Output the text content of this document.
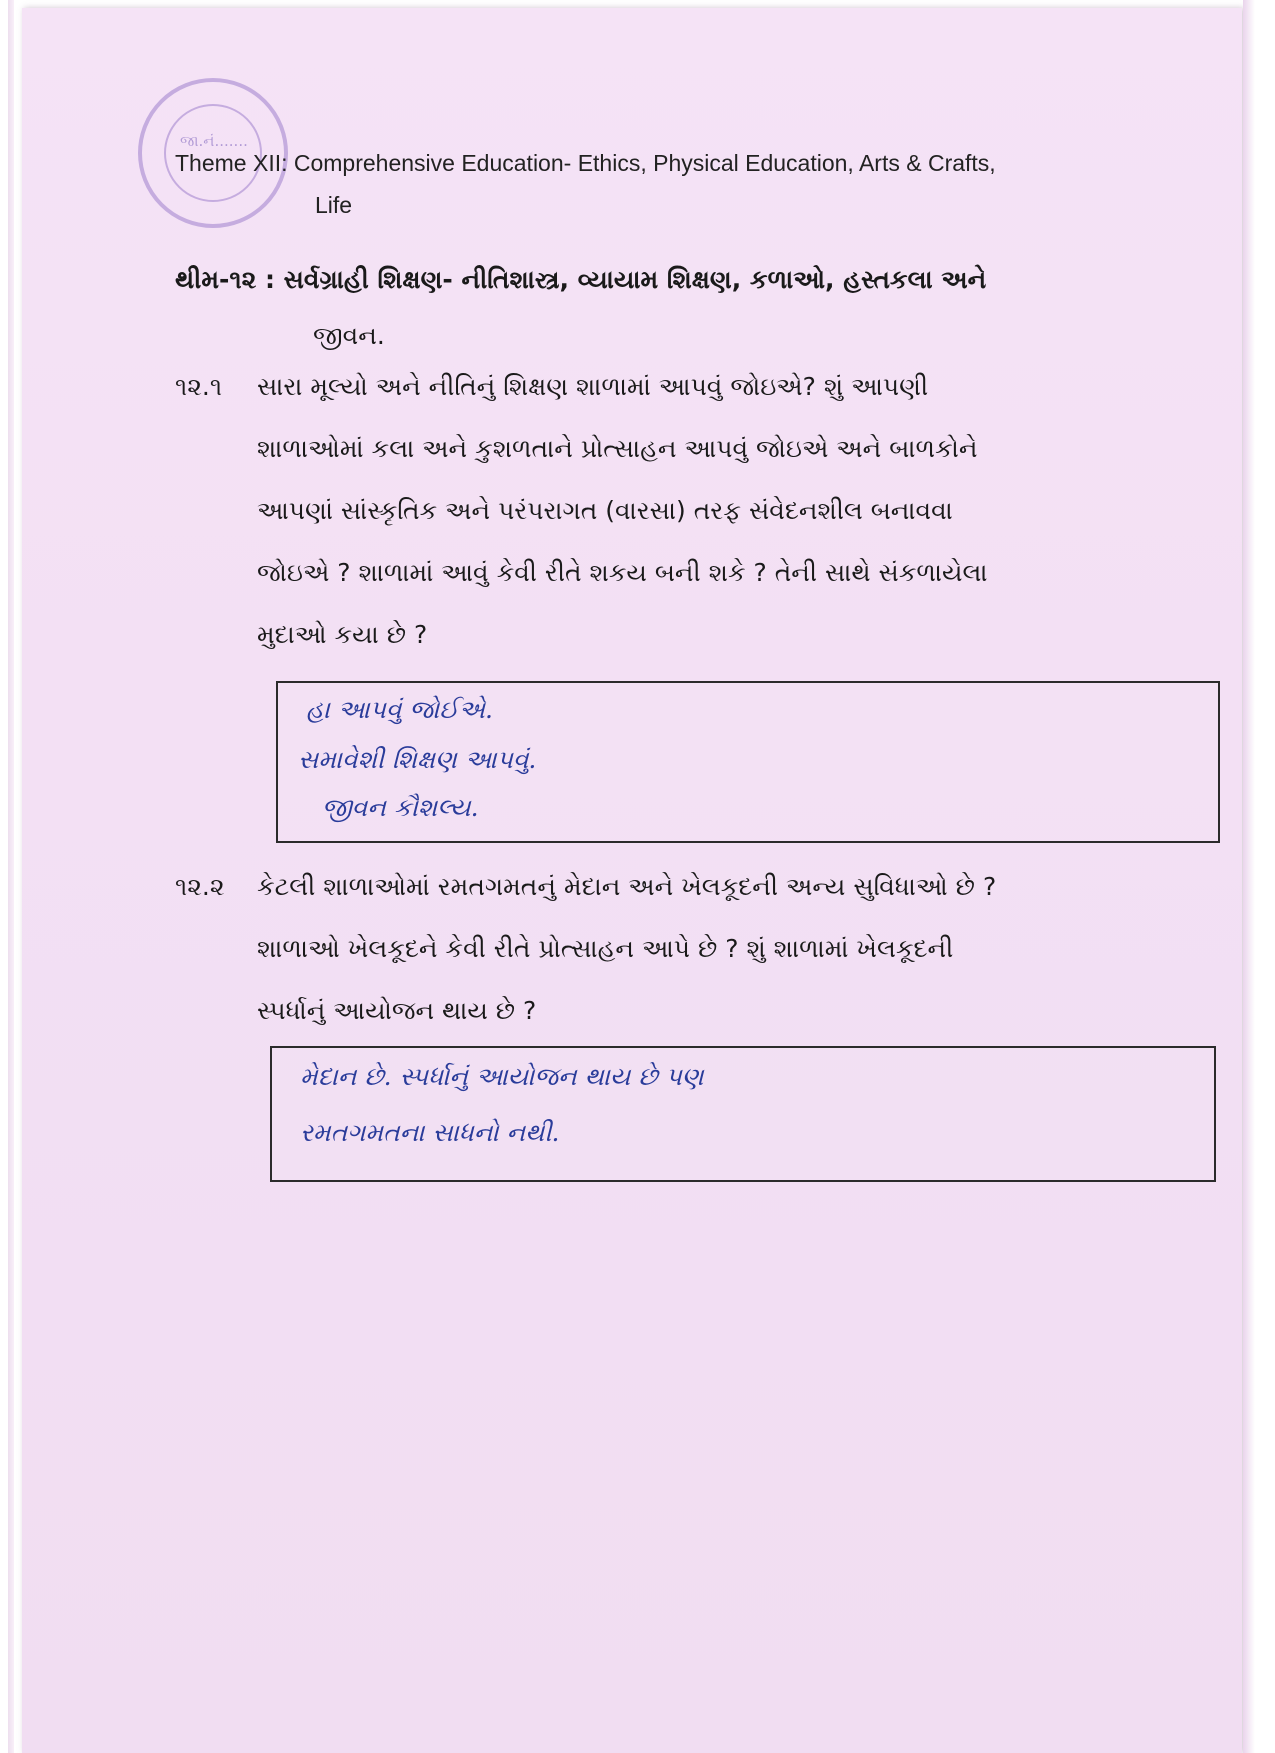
જા.નં.......
Theme XII: Comprehensive Education- Ethics, Physical Education, Arts & Crafts,
Life
થીમ-૧૨ : સર્વગ્રાહી શિક્ષણ- નીતિશાસ્ત્ર, વ્યાયામ શિક્ષણ, કળાઓ, હસ્તકલા અને
જીવન.
૧૨.૧ સારા મૂલ્યો અને નીતિનું શિક્ષણ શાળામાં આપવું જોઇએ? શું આપણી
શાળાઓમાં કલા અને કુશળતાને પ્રોત્સાહન આપવું જોઇએ અને બાળકોને
આપણાં સાંસ્કૃતિક અને પરંપરાગત (વારસા) તરફ સંવેદનશીલ બનાવવા
જોઇએ ? શાળામાં આવું કેવી રીતે શકય બની શકે ? તેની સાથે સંકળાયેલા
મુદાઓ કયા છે ?
હા આપવું જોઈએ.
સમાવેશી શિક્ષણ આપવું.
જીવન કૌશલ્ય.
૧૨.૨ કેટલી શાળાઓમાં રમતગમતનું મેદાન અને ખેલકૂદની અન્ય સુવિધાઓ છે ?
શાળાઓ ખેલકૂદને કેવી રીતે પ્રોત્સાહન આપે છે ? શું શાળામાં ખેલકૂદની
સ્પર્ધાનું આયોજન થાય છે ?
મેદાન છે. સ્પર્ધાનું આયોજન થાય છે પણ
રમતગમતના સાધનો નથી.
